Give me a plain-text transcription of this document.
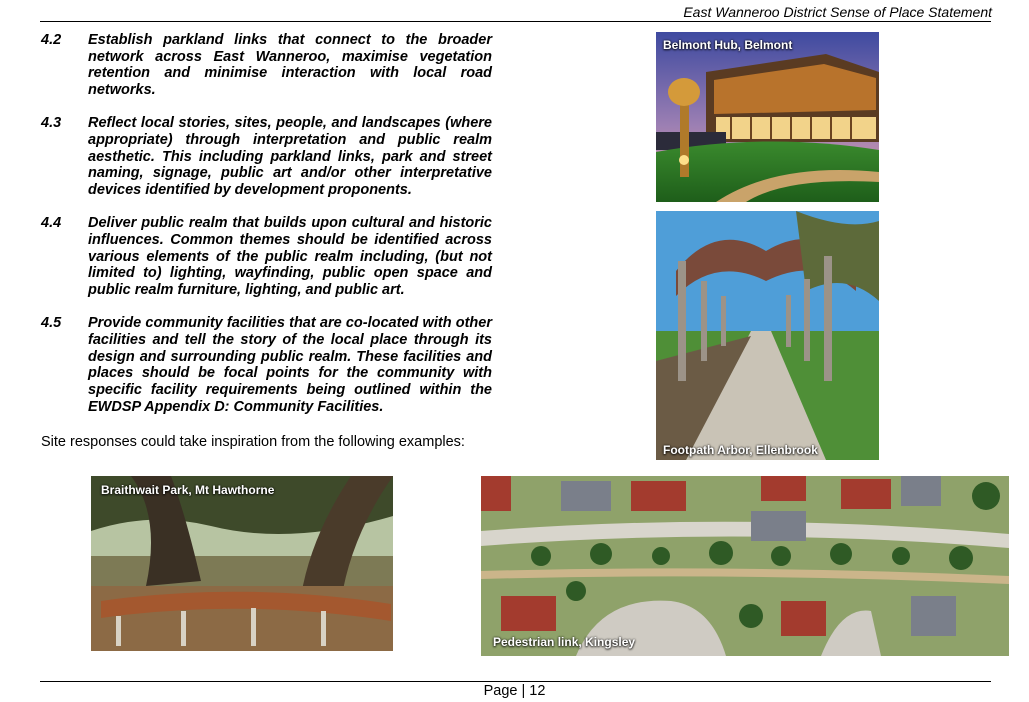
East Wanneroo District Sense of Place Statement
4.2	Establish parkland links that connect to the broader network across East Wanneroo, maximise vegetation retention and minimise interaction with local road networks.
4.3	Reflect local stories, sites, people, and landscapes (where appropriate) through interpretation and public realm aesthetic. This including parkland links, park and street naming, signage, public art and/or other interpretative devices identified by development proponents.
4.4	Deliver public realm that builds upon cultural and historic influences. Common themes should be identified across various elements of the public realm including, (but not limited to) lighting, wayfinding, public open space and public realm furniture, lighting, and public art.
4.5	Provide community facilities that are co-located with other facilities and tell the story of the local place through its design and surrounding public realm. These facilities and places should be focal points for the community with specific facility requirements being outlined within the EWDSP Appendix D: Community Facilities.
Site responses could take inspiration from the following examples:
Belmont Hub, Belmont
Footpath Arbor, Ellenbrook
Braithwait Park, Mt Hawthorne
Pedestrian link, Kingsley
Page | 12
